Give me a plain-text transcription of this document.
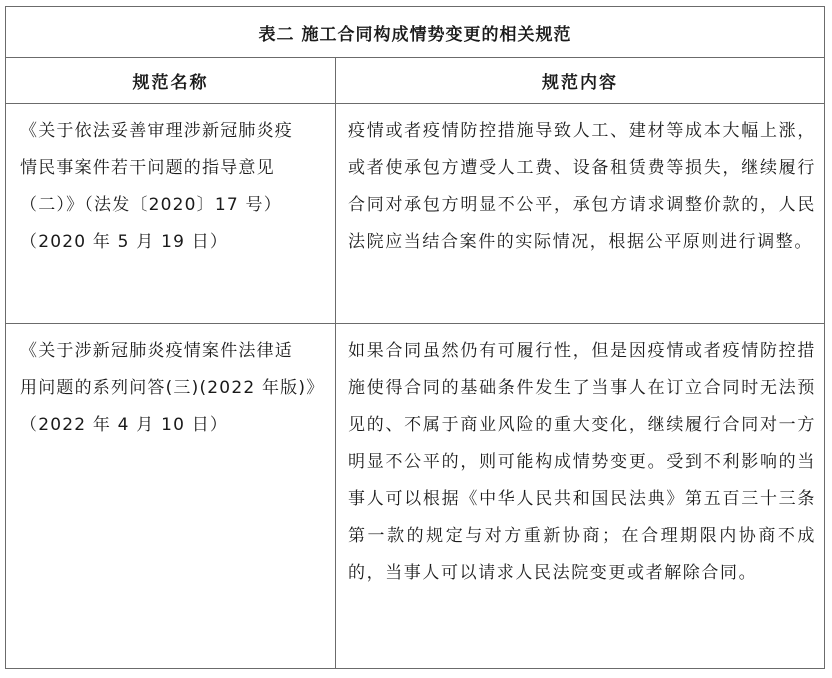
表二 施工合同构成情势变更的相关规范
规范名称	规范内容
《关于依法妥善审理涉新冠肺炎疫
情民事案件若干问题的指导意见
（二）》（法发〔2020〕17 号）
（2020 年 5 月 19 日）
疫情或者疫情防控措施导致人工、建材等成本大幅上涨，或者使承包方遭受人工费、设备租赁费等损失，继续履行合同对承包方明显不公平，承包方请求调整价款的，人民法院应当结合案件的实际情况，根据公平原则进行调整。
《关于涉新冠肺炎疫情案件法律适
用问题的系列问答(三)(2022 年版)》
（2022 年 4 月 10 日）
如果合同虽然仍有可履行性，但是因疫情或者疫情防控措施使得合同的基础条件发生了当事人在订立合同时无法预见的、不属于商业风险的重大变化，继续履行合同对一方明显不公平的，则可能构成情势变更。受到不利影响的当事人可以根据《中华人民共和国民法典》第五百三十三条第一款的规定与对方重新协商；在合理期限内协商不成的，当事人可以请求人民法院变更或者解除合同。
